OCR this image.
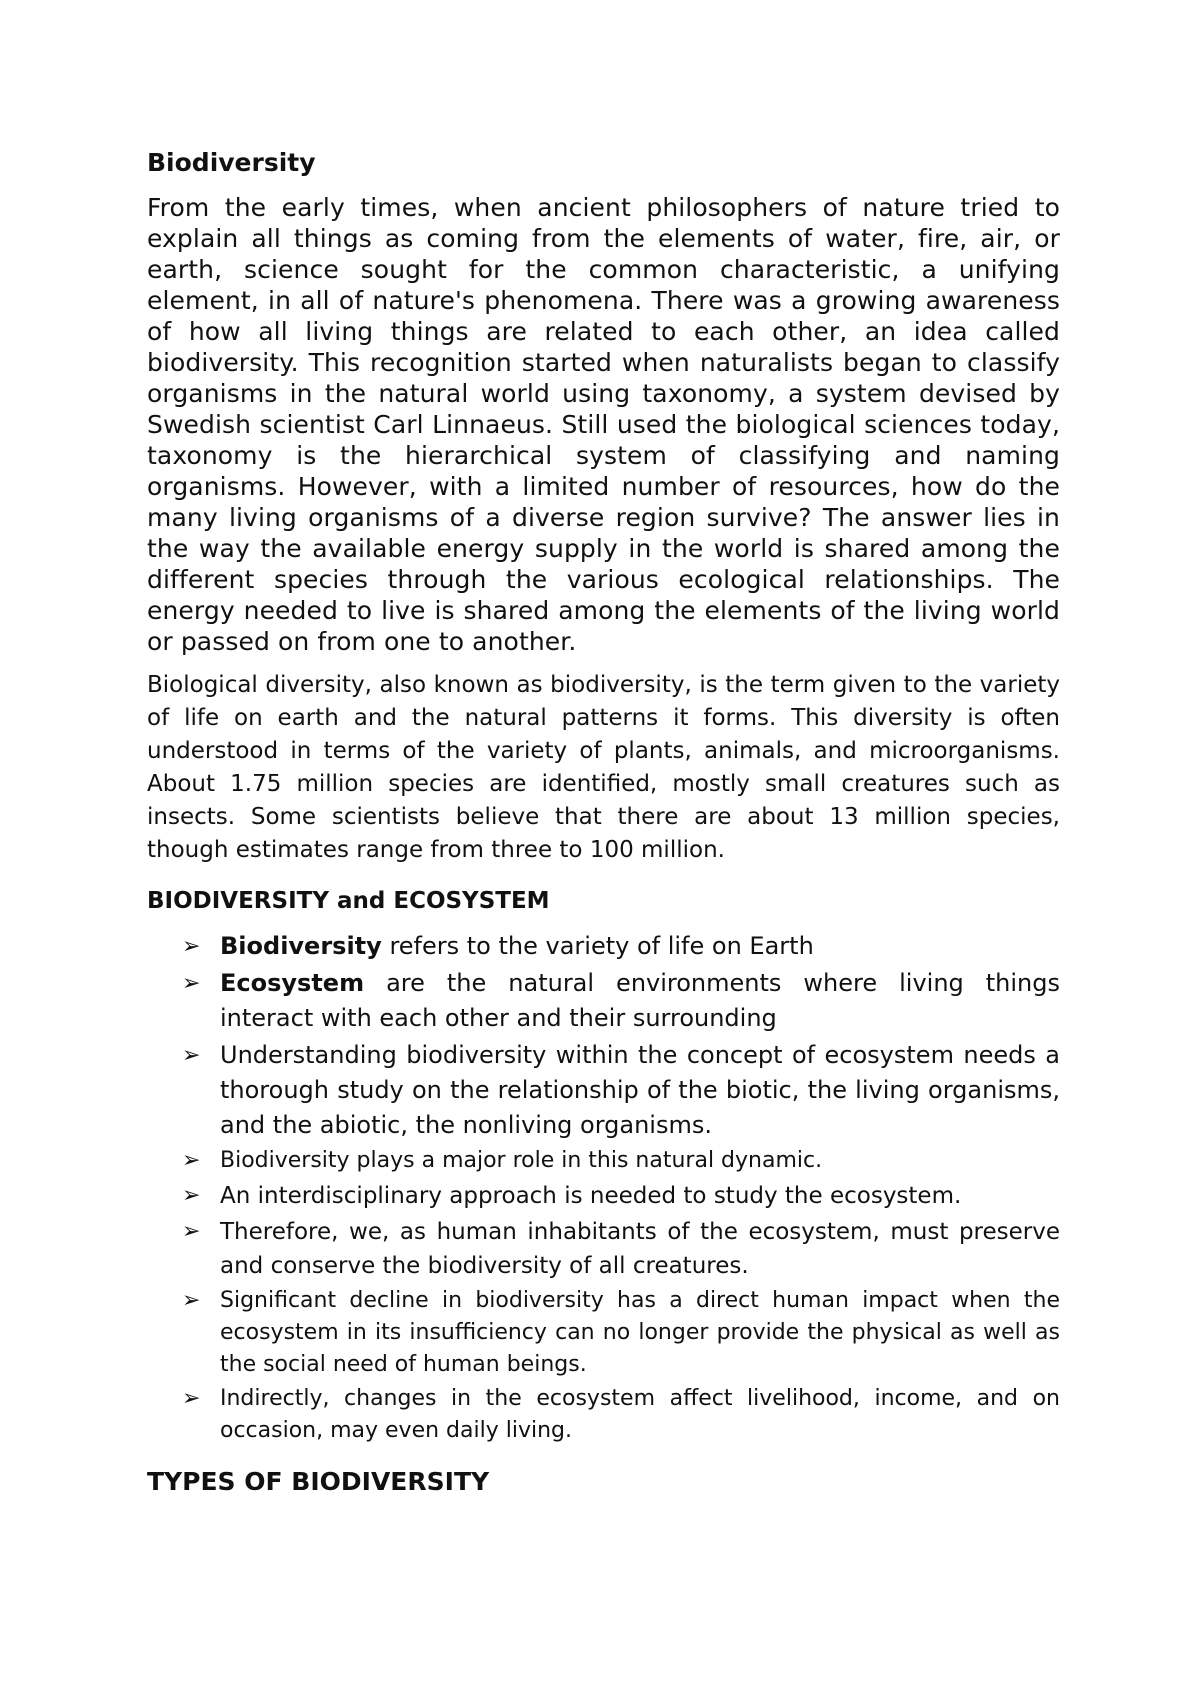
Biodiversity

From the early times, when ancient philosophers of nature tried to explain all things as coming from the elements of water, fire, air, or earth, science sought for the common characteristic, a unifying element, in all of nature's phenomena. There was a growing awareness of how all living things are related to each other, an idea called biodiversity. This recognition started when naturalists began to classify organisms in the natural world using taxonomy, a system devised by Swedish scientist Carl Linnaeus. Still used the biological sciences today, taxonomy is the hierarchical system of classifying and naming organisms. However, with a limited number of resources, how do the many living organisms of a diverse region survive? The answer lies in the way the available energy supply in the world is shared among the different species through the various ecological relationships. The energy needed to live is shared among the elements of the living world or passed on from one to another.

Biological diversity, also known as biodiversity, is the term given to the variety of life on earth and the natural patterns it forms. This diversity is often understood in terms of the variety of plants, animals, and microorganisms. About 1.75 million species are identified, mostly small creatures such as insects. Some scientists believe that there are about 13 million species, though estimates range from three to 100 million.

BIODIVERSITY and ECOSYSTEM
➢ Biodiversity refers to the variety of life on Earth
➢ Ecosystem are the natural environments where living things interact with each other and their surrounding
➢ Understanding biodiversity within the concept of ecosystem needs a thorough study on the relationship of the biotic, the living organisms, and the abiotic, the nonliving organisms.
➢ Biodiversity plays a major role in this natural dynamic.
➢ An interdisciplinary approach is needed to study the ecosystem.
➢ Therefore, we, as human inhabitants of the ecosystem, must preserve and conserve the biodiversity of all creatures.
➢ Significant decline in biodiversity has a direct human impact when the ecosystem in its insufficiency can no longer provide the physical as well as the social need of human beings.
➢ Indirectly, changes in the ecosystem affect livelihood, income, and on occasion, may even daily living.
TYPES OF BIODIVERSITY
